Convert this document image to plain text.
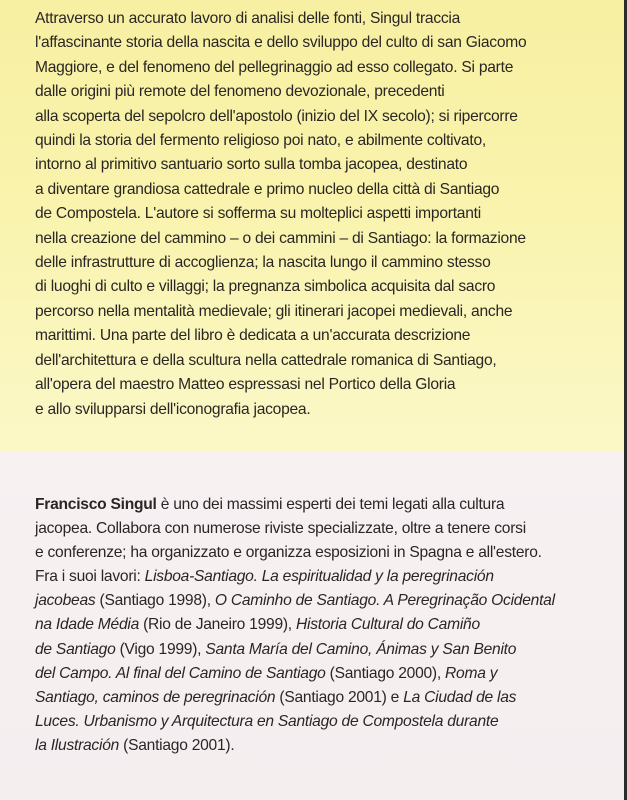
Attraverso un accurato lavoro di analisi delle fonti, Singul traccia
l'affascinante storia della nascita e dello sviluppo del culto di san Giacomo
Maggiore, e del fenomeno del pellegrinaggio ad esso collegato. Si parte
dalle origini più remote del fenomeno devozionale, precedenti
alla scoperta del sepolcro dell'apostolo (inizio del IX secolo); si ripercorre
quindi la storia del fermento religioso poi nato, e abilmente coltivato,
intorno al primitivo santuario sorto sulla tomba jacopea, destinato
a diventare grandiosa cattedrale e primo nucleo della città di Santiago
de Compostela. L'autore si sofferma su molteplici aspetti importanti
nella creazione del cammino – o dei cammini – di Santiago: la formazione
delle infrastrutture di accoglienza; la nascita lungo il cammino stesso
di luoghi di culto e villaggi; la pregnanza simbolica acquisita dal sacro
percorso nella mentalità medievale; gli itinerari jacopei medievali, anche
marittimi. Una parte del libro è dedicata a un'accurata descrizione
dell'architettura e della scultura nella cattedrale romanica di Santiago,
all'opera del maestro Matteo espressasi nel Portico della Gloria
e allo svilupparsi dell'iconografia jacopea.
Francisco Singul è uno dei massimi esperti dei temi legati alla cultura
jacopea. Collabora con numerose riviste specializzate, oltre a tenere corsi
e conferenze; ha organizzato e organizza esposizioni in Spagna e all'estero.
Fra i suoi lavori: Lisboa-Santiago. La espiritualidad y la peregrinación
jacobeas (Santiago 1998), O Caminho de Santiago. A Peregrinação Ocidental
na Idade Média (Rio de Janeiro 1999), Historia Cultural do Camiño
de Santiago (Vigo 1999), Santa María del Camino, Ánimas y San Benito
del Campo. Al final del Camino de Santiago (Santiago 2000), Roma y
Santiago, caminos de peregrinación (Santiago 2001) e La Ciudad de las
Luces. Urbanismo y Arquitectura en Santiago de Compostela durante
la Ilustración (Santiago 2001).
